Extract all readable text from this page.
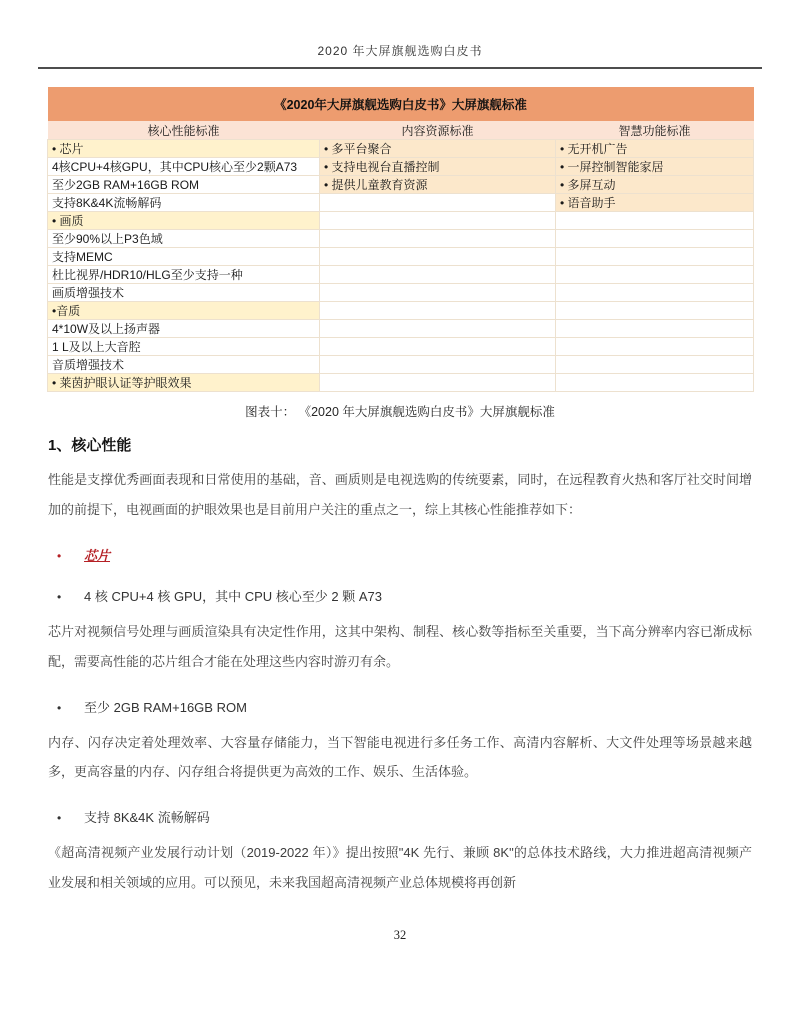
2020 年大屏旗舰选购白皮书
《2020年大屏旗舰选购白皮书》大屏旗舰标准		
核心性能标准	内容资源标准	智慧功能标准
• 芯片	• 多平台聚合	• 无开机广告
4核CPU+4核GPU，其中CPU核心至少2颗A73	• 支持电视台直播控制	• 一屏控制智能家居
至少2GB RAM+16GB ROM	• 提供儿童教育资源	• 多屏互动
支持8K&4K流畅解码		• 语音助手
• 画质		
至少90%以上P3色域		
支持MEMC		
杜比视界/HDR10/HLG至少支持一种		
画质增强技术		
•音质		
4*10W及以上扬声器		
1 L及以上大音腔		
音质增强技术		
• 莱茵护眼认证等护眼效果		
图表十： 《2020 年大屏旗舰选购白皮书》大屏旗舰标准
1、核心性能

性能是支撑优秀画面表现和日常使用的基础，音、画质则是电视选购的传统要素，同时，在远程教育火热和客厅社交时间增加的前提下，电视画面的护眼效果也是目前用户关注的重点之一，综上其核心性能推荐如下：

•	芯片
•	4 核 CPU+4 核 GPU，其中 CPU 核心至少 2 颗 A73

芯片对视频信号处理与画质渲染具有决定性作用，这其中架构、制程、核心数等指标至关重要，当下高分辨率内容已渐成标配，需要高性能的芯片组合才能在处理这些内容时游刃有余。

•	至少 2GB RAM+16GB ROM

内存、闪存决定着处理效率、大容量存储能力，当下智能电视进行多任务工作、高清内容解析、大文件处理等场景越来越多，更高容量的内存、闪存组合将提供更为高效的工作、娱乐、生活体验。

•	支持 8K&4K 流畅解码

《超高清视频产业发展行动计划（2019-2022 年）》提出按照"4K 先行、兼顾 8K"的总体技术路线，大力推进超高清视频产业发展和相关领域的应用。可以预见，未来我国超高清视频产业总体规模将再创新

32
